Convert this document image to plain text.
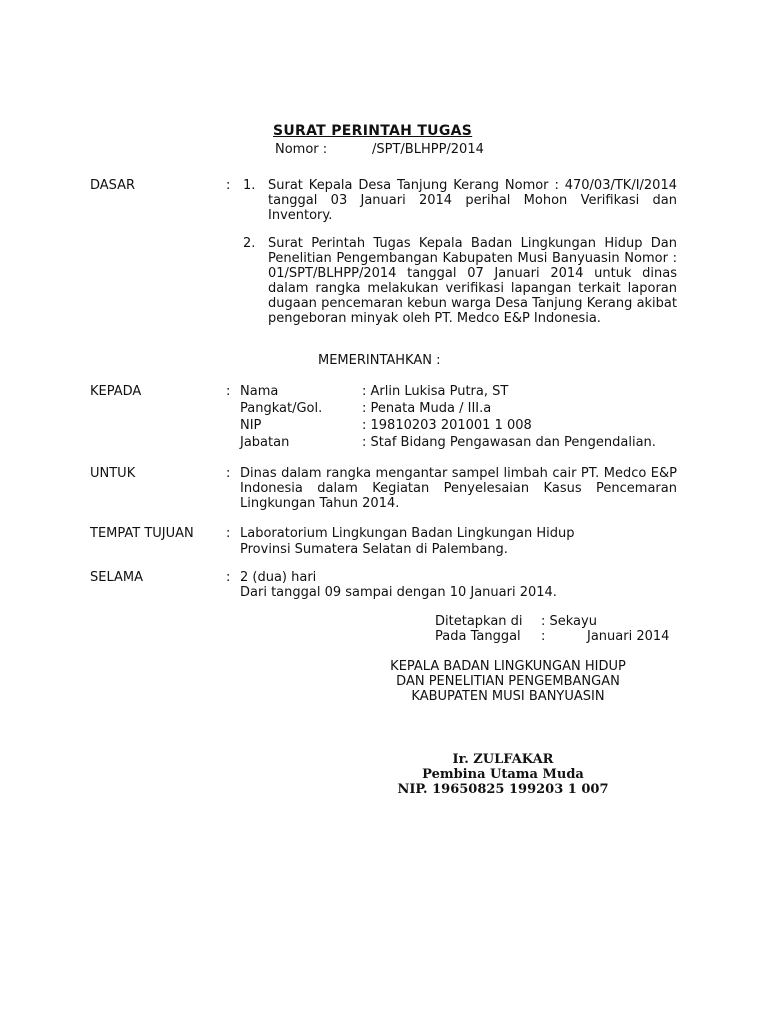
SURAT PERINTAH TUGAS
Nomor :	/SPT/BLHPP/2014
DASAR	: 1. Surat Kepala Desa Tanjung Kerang Nomor : 470/03/TK/I/2014 tanggal 03 Januari 2014 perihal Mohon Verifikasi dan Inventory.
2. Surat Perintah Tugas Kepala Badan Lingkungan Hidup Dan Penelitian Pengembangan Kabupaten Musi Banyuasin Nomor : 01/SPT/BLHPP/2014 tanggal 07 Januari 2014 untuk dinas dalam rangka melakukan verifikasi lapangan terkait laporan dugaan pencemaran kebun warga Desa Tanjung Kerang akibat pengeboran minyak oleh PT. Medco E&P Indonesia.
MEMERINTAHKAN :
KEPADA	: Nama	: Arlin Lukisa Putra, ST
Pangkat/Gol.	: Penata Muda / III.a
NIP	: 19810203 201001 1 008
Jabatan	: Staf Bidang Pengawasan dan Pengendalian.
UNTUK	: Dinas dalam rangka mengantar sampel limbah cair PT. Medco E&P Indonesia dalam Kegiatan Penyelesaian Kasus Pencemaran Lingkungan Tahun 2014.
TEMPAT TUJUAN : Laboratorium Lingkungan Badan Lingkungan Hidup
Provinsi Sumatera Selatan di Palembang.
SELAMA	: 2 (dua) hari
Dari tanggal 09 sampai dengan 10 Januari 2014.
Ditetapkan di : Sekayu
Pada Tanggal :	Januari 2014
KEPALA BADAN LINGKUNGAN HIDUP
DAN PENELITIAN PENGEMBANGAN
KABUPATEN MUSI BANYUASIN
Ir. ZULFAKAR
Pembina Utama Muda
NIP. 19650825 199203 1 007
